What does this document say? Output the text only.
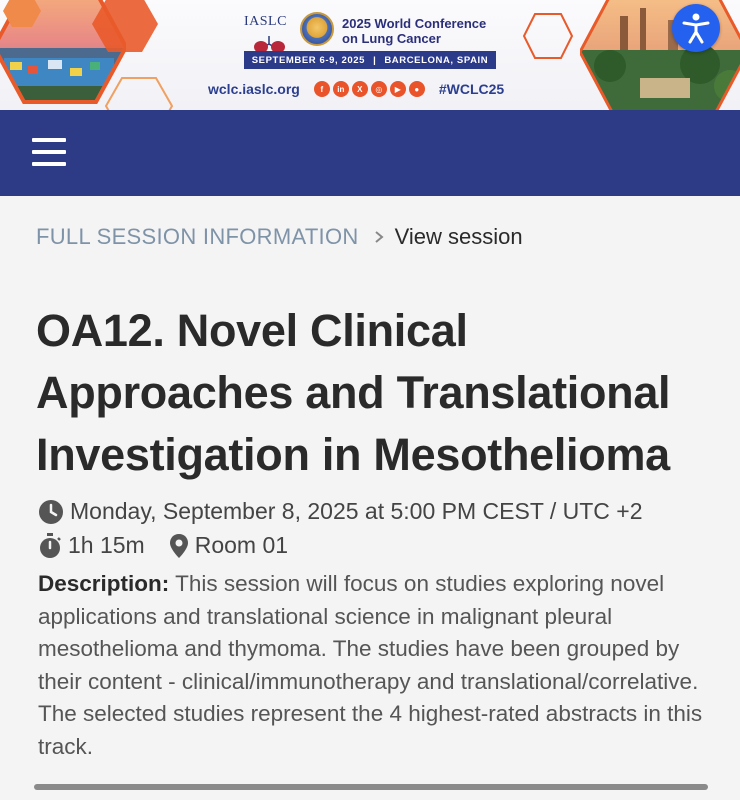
IASLC	2025 World Conference
on Lung Cancer
SEPTEMBER 6-9, 2025 | BARCELONA, SPAIN
wclc.iaslc.org	f	in	X	◎	▶	●	#WCLC25
FULL SESSION INFORMATION View session
OA12. Novel Clinical Approaches and Translational Investigation in Mesothelioma
Monday, September 8, 2025 at 5:00 PM CEST / UTC +2
1h 15m Room 01

Description: This session will focus on studies exploring novel applications and translational science in malignant pleural mesothelioma and thymoma. The studies have been grouped by their content - clinical/immunotherapy and translational/correlative. The selected studies represent the 4 highest-rated abstracts in this track.
